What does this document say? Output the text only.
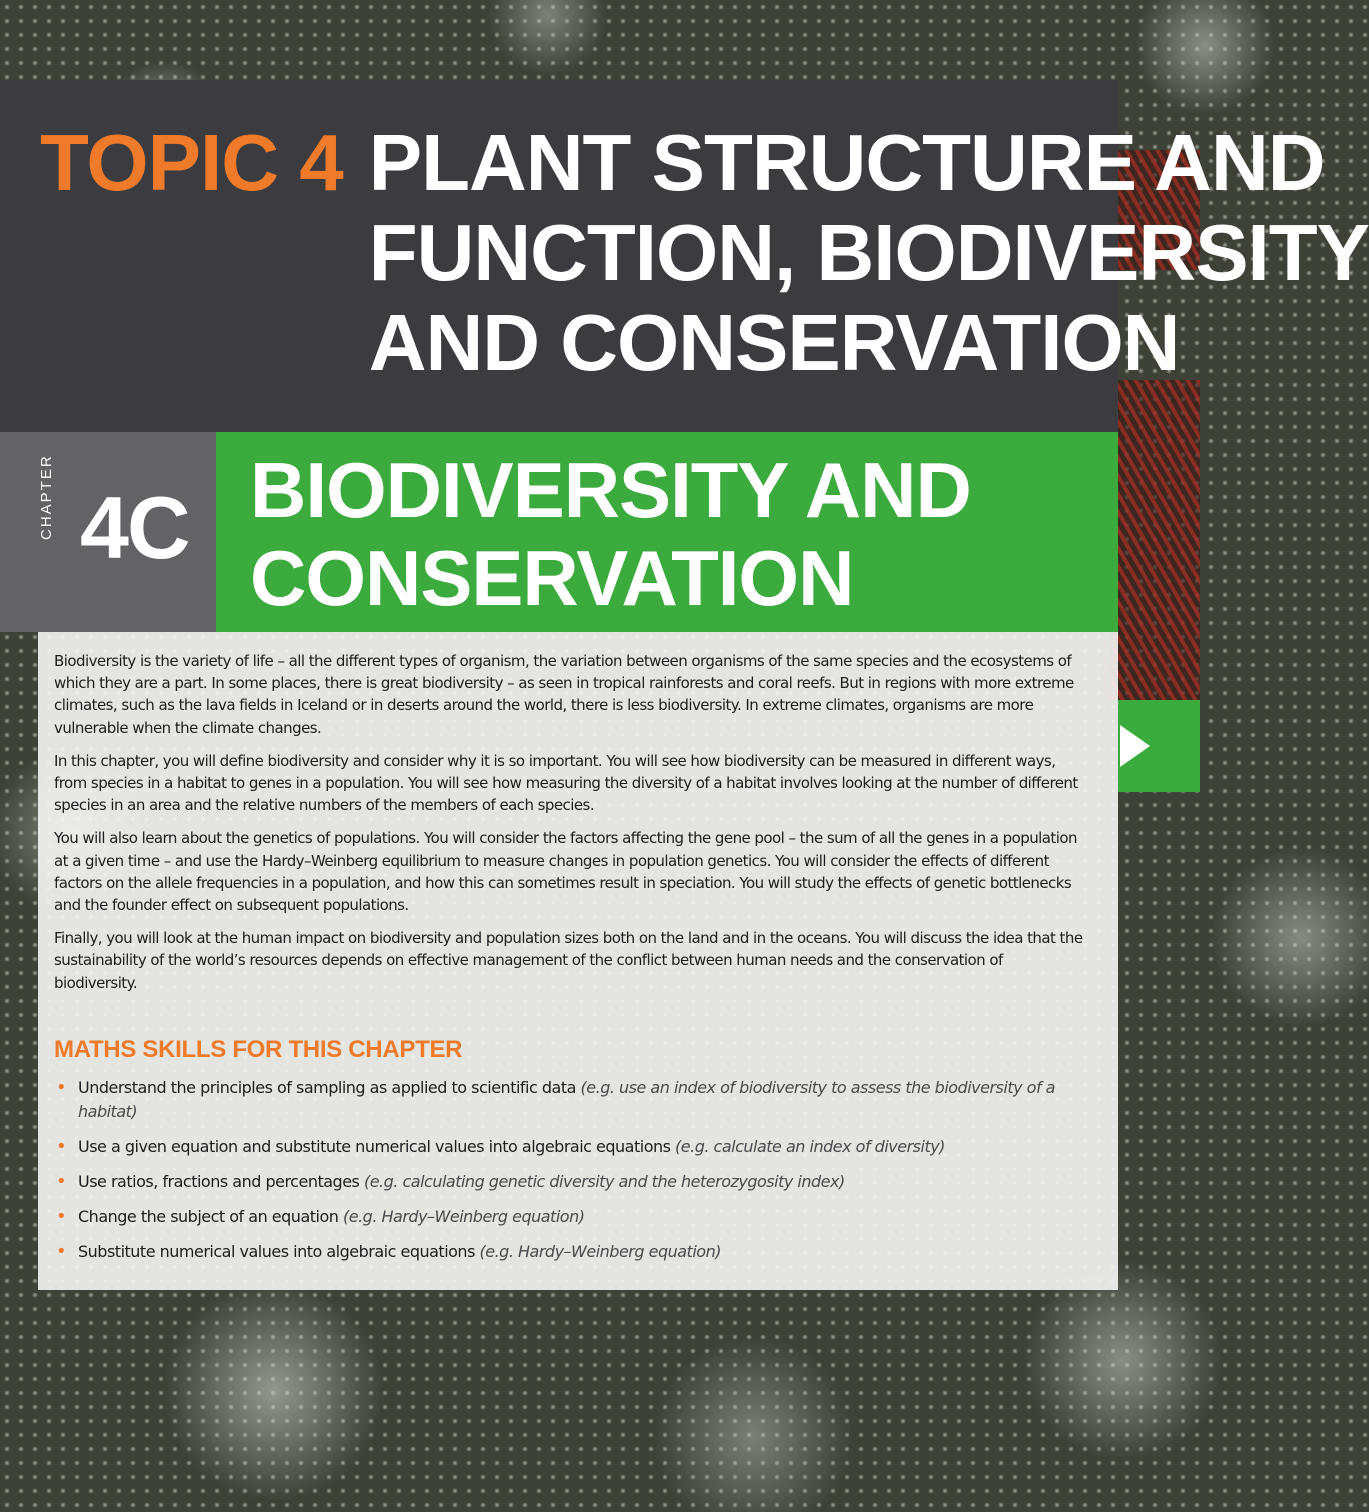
TOPIC 4 PLANT STRUCTURE AND
FUNCTION, BIODIVERSITY
AND CONSERVATION
CHAPTER 4C BIODIVERSITY AND
CONSERVATION

Biodiversity is the variety of life – all the different types of organism, the variation between organisms of the same species and the ecosystems of which they are a part. In some places, there is great biodiversity – as seen in tropical rainforests and coral reefs. But in regions with more extreme climates, such as the lava fields in Iceland or in deserts around the world, there is less biodiversity. In extreme climates, organisms are more vulnerable when the climate changes.

In this chapter, you will define biodiversity and consider why it is so important. You will see how biodiversity can be measured in different ways, from species in a habitat to genes in a population. You will see how measuring the diversity of a habitat involves looking at the number of different species in an area and the relative numbers of the members of each species.

You will also learn about the genetics of populations. You will consider the factors affecting the gene pool – the sum of all the genes in a population at a given time – and use the Hardy–Weinberg equilibrium to measure changes in population genetics. You will consider the effects of different factors on the allele frequencies in a population, and how this can sometimes result in speciation. You will study the effects of genetic bottlenecks and the founder effect on subsequent populations.

Finally, you will look at the human impact on biodiversity and population sizes both on the land and in the oceans. You will discuss the idea that the sustainability of the world’s resources depends on effective management of the conflict between human needs and the conservation of biodiversity.

MATHS SKILLS FOR THIS CHAPTER
• Understand the principles of sampling as applied to scientific data (e.g. use an index of biodiversity to assess the biodiversity of a habitat)
• Use a given equation and substitute numerical values into algebraic equations (e.g. calculate an index of diversity)
• Use ratios, fractions and percentages (e.g. calculating genetic diversity and the heterozygosity index)
• Change the subject of an equation (e.g. Hardy–Weinberg equation)
• Substitute numerical values into algebraic equations (e.g. Hardy–Weinberg equation)
